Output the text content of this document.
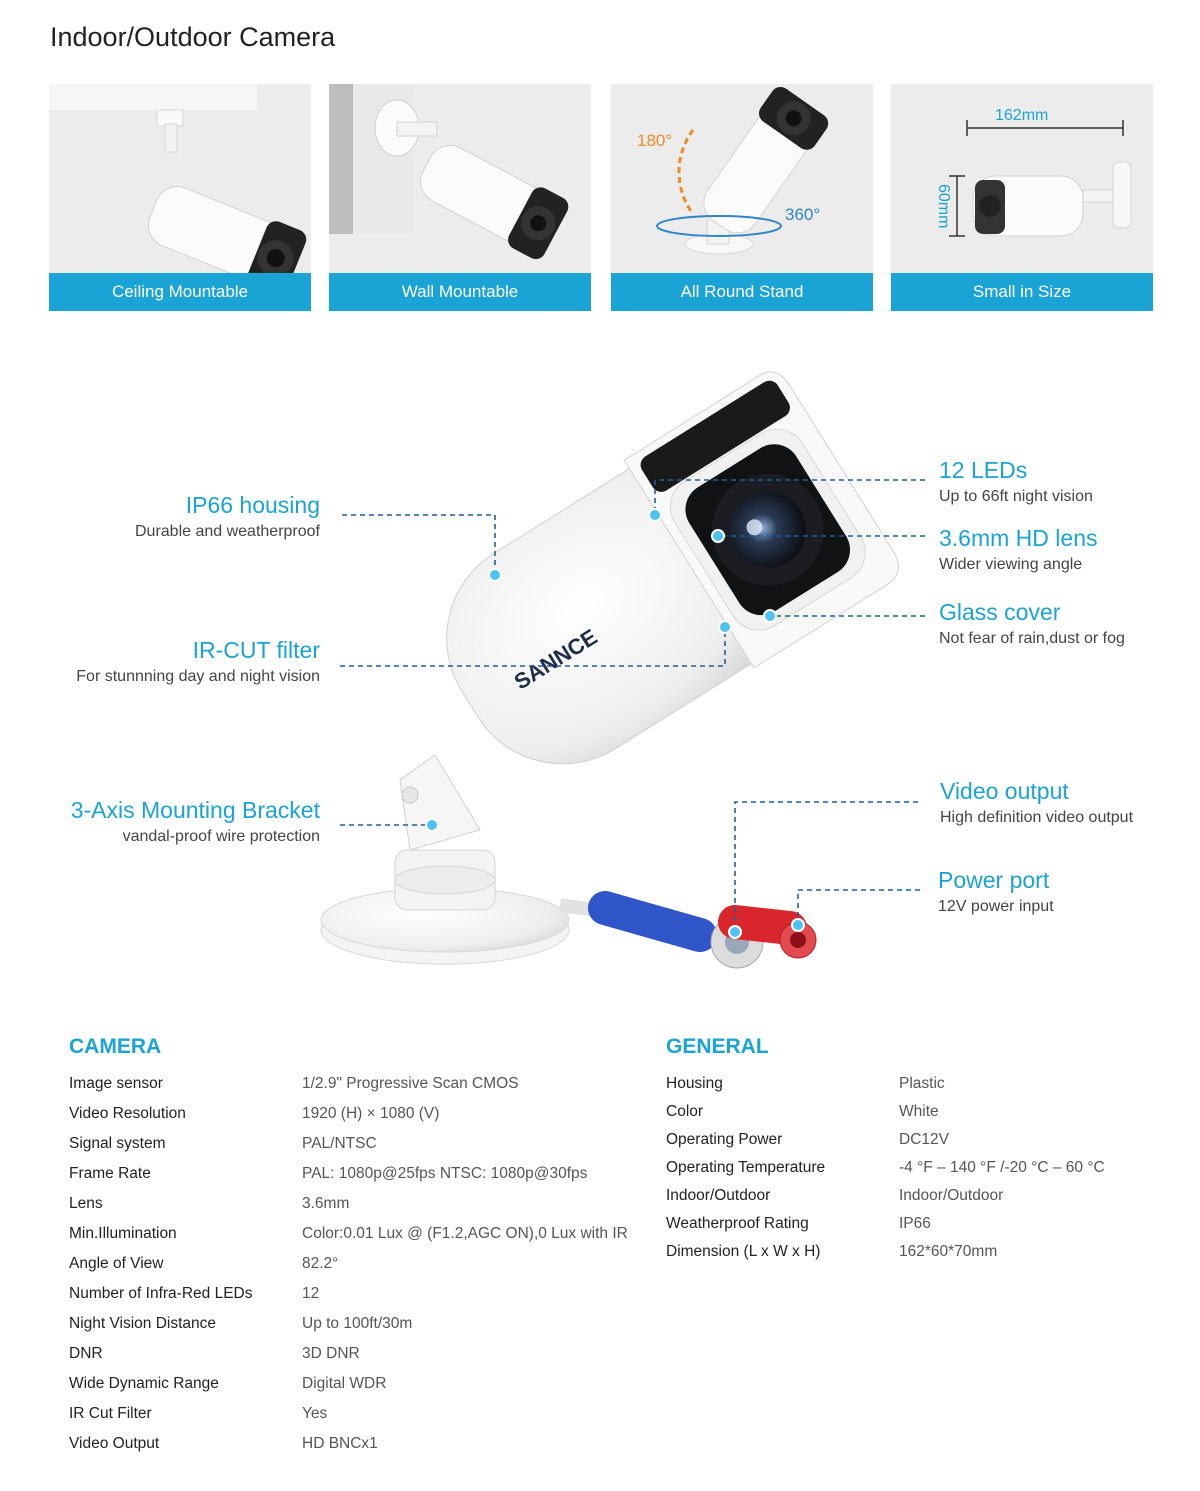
Indoor/Outdoor Camera
Ceiling Mountable	Wall Mountable
180°
360°
All Round Stand
162mm
60mm
Small in Size
SANNCE
IP66 housing
Durable and weatherproof
IR-CUT filter
For stunnning day and night vision
3-Axis Mounting Bracket
vandal-proof wire protection
12 LEDs
Up to 66ft night vision
3.6mm HD lens
Wider viewing angle
Glass cover
Not fear of rain,dust or fog
Video output
High definition video output
Power port
12V power input
CAMERA	GENERAL
Image sensor	1/2.9" Progressive Scan CMOS
Video Resolution	1920 (H) × 1080 (V)
Signal system	PAL/NTSC
Frame Rate	PAL: 1080p@25fps NTSC: 1080p@30fps
Lens	3.6mm
Min.Illumination	Color:0.01 Lux @ (F1.2,AGC ON),0 Lux with IR
Angle of View	82.2°
Number of Infra-Red LEDs	12
Night Vision Distance	Up to 100ft/30m
DNR	3D DNR
Wide Dynamic Range	Digital WDR
IR Cut Filter	Yes
Video Output	HD BNCx1
Housing	Plastic
Color	White
Operating Power	DC12V
Operating Temperature	-4 °F – 140 °F /-20 °C – 60 °C
Indoor/Outdoor	Indoor/Outdoor
Weatherproof Rating	IP66
Dimension (L x W x H)	162*60*70mm
